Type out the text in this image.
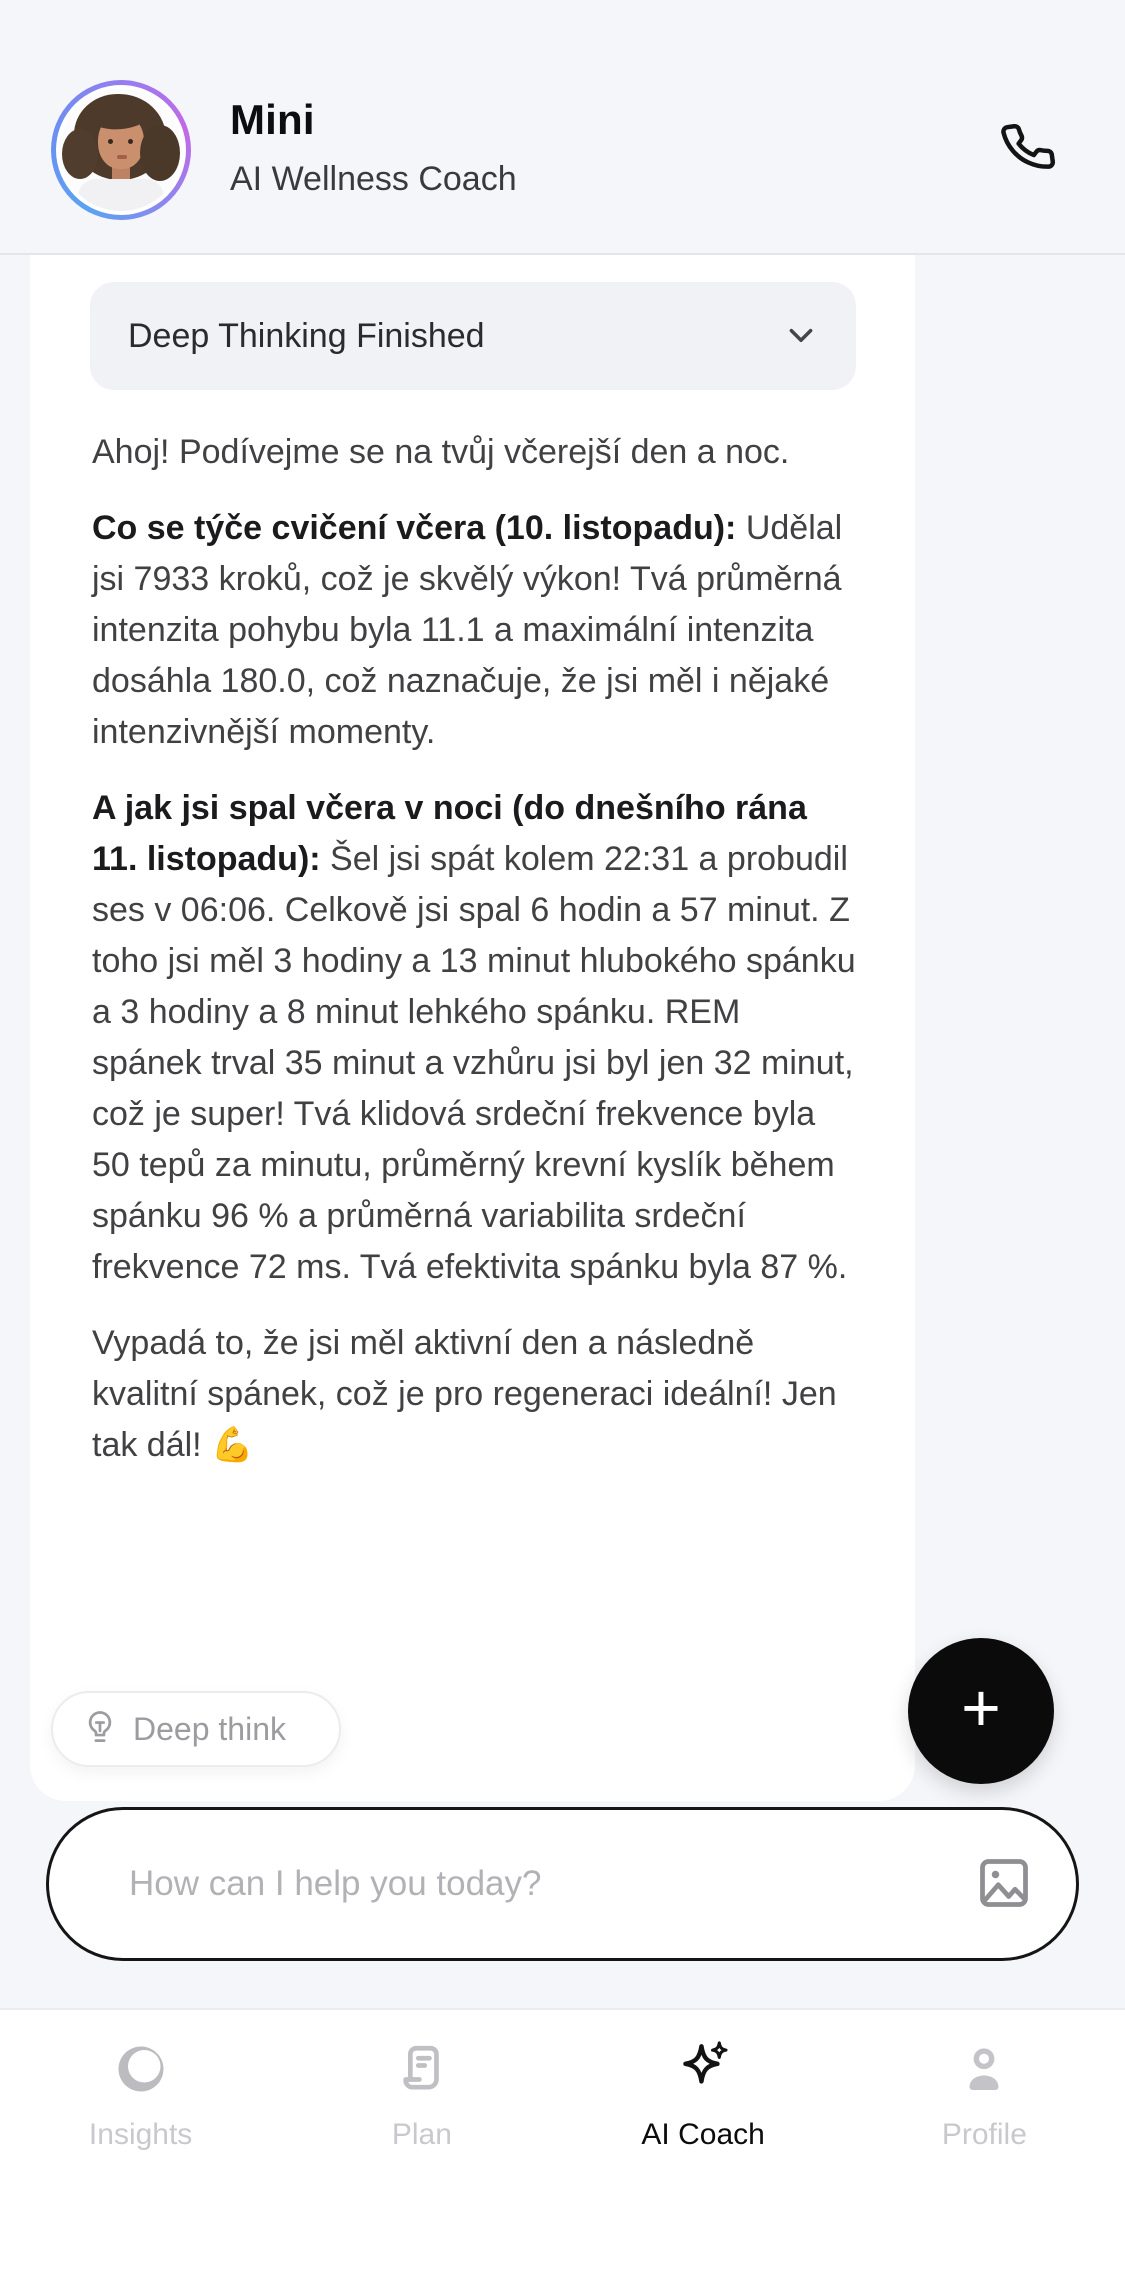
Mini
AI Wellness Coach
Deep Thinking Finished

Ahoj! Podívejme se na tvůj včerejší den a noc.

Co se týče cvičení včera (10. listopadu): Udělal jsi 7933 kroků, což je skvělý výkon! Tvá průměrná intenzita pohybu byla 11.1 a maximální intenzita dosáhla 180.0, což naznačuje, že jsi měl i nějaké intenzivnější momenty.

A jak jsi spal včera v noci (do dnešního rána 11. listopadu): Šel jsi spát kolem 22:31 a probudil ses v 06:06. Celkově jsi spal 6 hodin a 57 minut. Z toho jsi měl 3 hodiny a 13 minut hlubokého spánku a 3 hodiny a 8 minut lehkého spánku. REM spánek trval 35 minut a vzhůru jsi byl jen 32 minut, což je super! Tvá klidová srdeční frekvence byla 50 tepů za minutu, průměrný krevní kyslík během spánku 96 % a průměrná variabilita srdeční frekvence 72 ms. Tvá efektivita spánku byla 87 %.

Vypadá to, že jsi měl aktivní den a následně kvalitní spánek, což je pro regeneraci ideální! Jen tak dál! 💪

Deep think	+
How can I help you today?
Insights	Plan	AI Coach	Profile
